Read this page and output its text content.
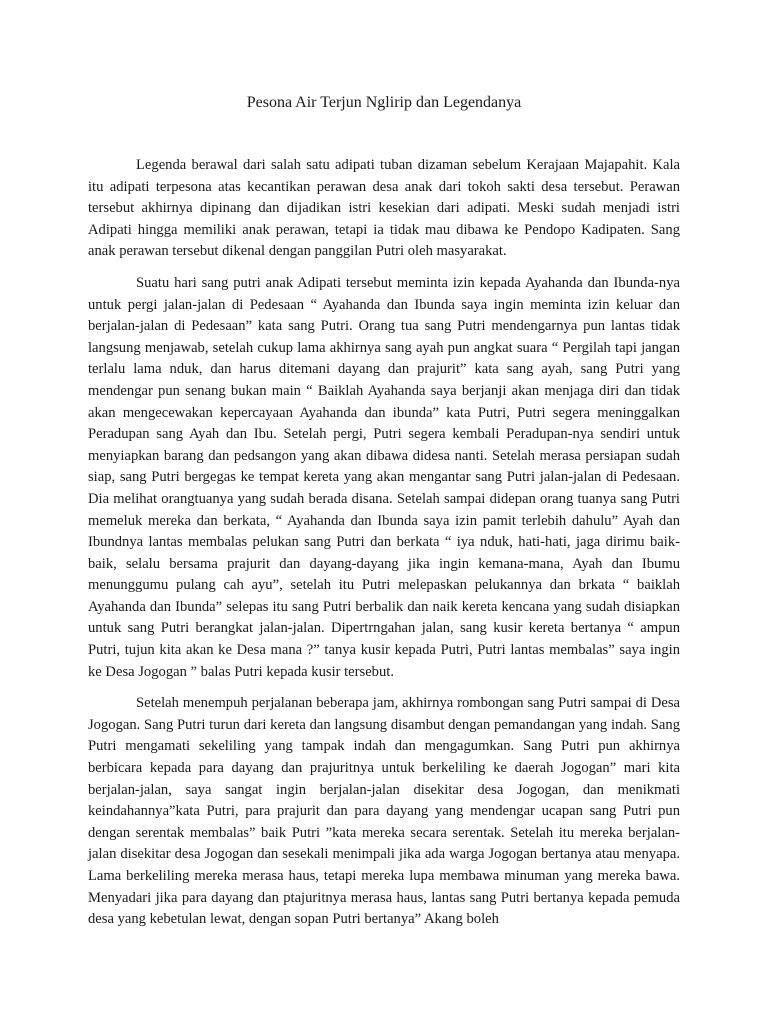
Pesona Air Terjun Nglirip dan Legendanya

Legenda berawal dari salah satu adipati tuban dizaman sebelum Kerajaan Majapahit. Kala itu adipati terpesona atas kecantikan perawan desa anak dari tokoh sakti desa tersebut. Perawan tersebut akhirnya dipinang dan dijadikan istri kesekian dari adipati. Meski sudah menjadi istri Adipati hingga memiliki anak perawan, tetapi ia tidak mau dibawa ke Pendopo Kadipaten. Sang anak perawan tersebut dikenal dengan panggilan Putri oleh masyarakat.

Suatu hari sang putri anak Adipati tersebut meminta izin kepada Ayahanda dan Ibunda-nya untuk pergi jalan-jalan di Pedesaan “ Ayahanda dan Ibunda saya ingin meminta izin keluar dan berjalan-jalan di Pedesaan” kata sang Putri. Orang tua sang Putri mendengarnya pun lantas tidak langsung menjawab, setelah cukup lama akhirnya sang ayah pun angkat suara “ Pergilah tapi jangan terlalu lama nduk, dan harus ditemani dayang dan prajurit” kata sang ayah, sang Putri yang mendengar pun senang bukan main “ Baiklah Ayahanda saya berjanji akan menjaga diri dan tidak akan mengecewakan kepercayaan Ayahanda dan ibunda” kata Putri, Putri segera meninggalkan Peradupan sang Ayah dan Ibu. Setelah pergi, Putri segera kembali Peradupan-nya sendiri untuk menyiapkan barang dan pedsangon yang akan dibawa didesa nanti. Setelah merasa persiapan sudah siap, sang Putri bergegas ke tempat kereta yang akan mengantar sang Putri jalan-jalan di Pedesaan. Dia melihat orangtuanya yang sudah berada disana. Setelah sampai didepan orang tuanya sang Putri memeluk mereka dan berkata, “ Ayahanda dan Ibunda saya izin pamit terlebih dahulu” Ayah dan Ibundnya lantas membalas pelukan sang Putri dan berkata “ iya nduk, hati-hati, jaga dirimu baik-baik, selalu bersama prajurit dan dayang-dayang jika ingin kemana-mana, Ayah dan Ibumu menunggumu pulang cah ayu”, setelah itu Putri melepaskan pelukannya dan brkata “ baiklah Ayahanda dan Ibunda” selepas itu sang Putri berbalik dan naik kereta kencana yang sudah disiapkan untuk sang Putri berangkat jalan-jalan. Dipertrngahan jalan, sang kusir kereta bertanya “ ampun Putri, tujun kita akan ke Desa mana ?” tanya kusir kepada Putri, Putri lantas membalas” saya ingin ke Desa Jogogan ” balas Putri kepada kusir tersebut.

Setelah menempuh perjalanan beberapa jam, akhirnya rombongan sang Putri sampai di Desa Jogogan. Sang Putri turun dari kereta dan langsung disambut dengan pemandangan yang indah. Sang Putri mengamati sekeliling yang tampak indah dan mengagumkan. Sang Putri pun akhirnya berbicara kepada para dayang dan prajuritnya untuk berkeliling ke daerah Jogogan” mari kita berjalan-jalan, saya sangat ingin berjalan-jalan disekitar desa Jogogan, dan menikmati keindahannya”kata Putri, para prajurit dan para dayang yang mendengar ucapan sang Putri pun dengan serentak membalas” baik Putri ”kata mereka secara serentak. Setelah itu mereka berjalan-jalan disekitar desa Jogogan dan sesekali menimpali jika ada warga Jogogan bertanya atau menyapa. Lama berkeliling mereka merasa haus, tetapi mereka lupa membawa minuman yang mereka bawa. Menyadari jika para dayang dan ptajuritnya merasa haus, lantas sang Putri bertanya kepada pemuda desa yang kebetulan lewat, dengan sopan Putri bertanya” Akang boleh
